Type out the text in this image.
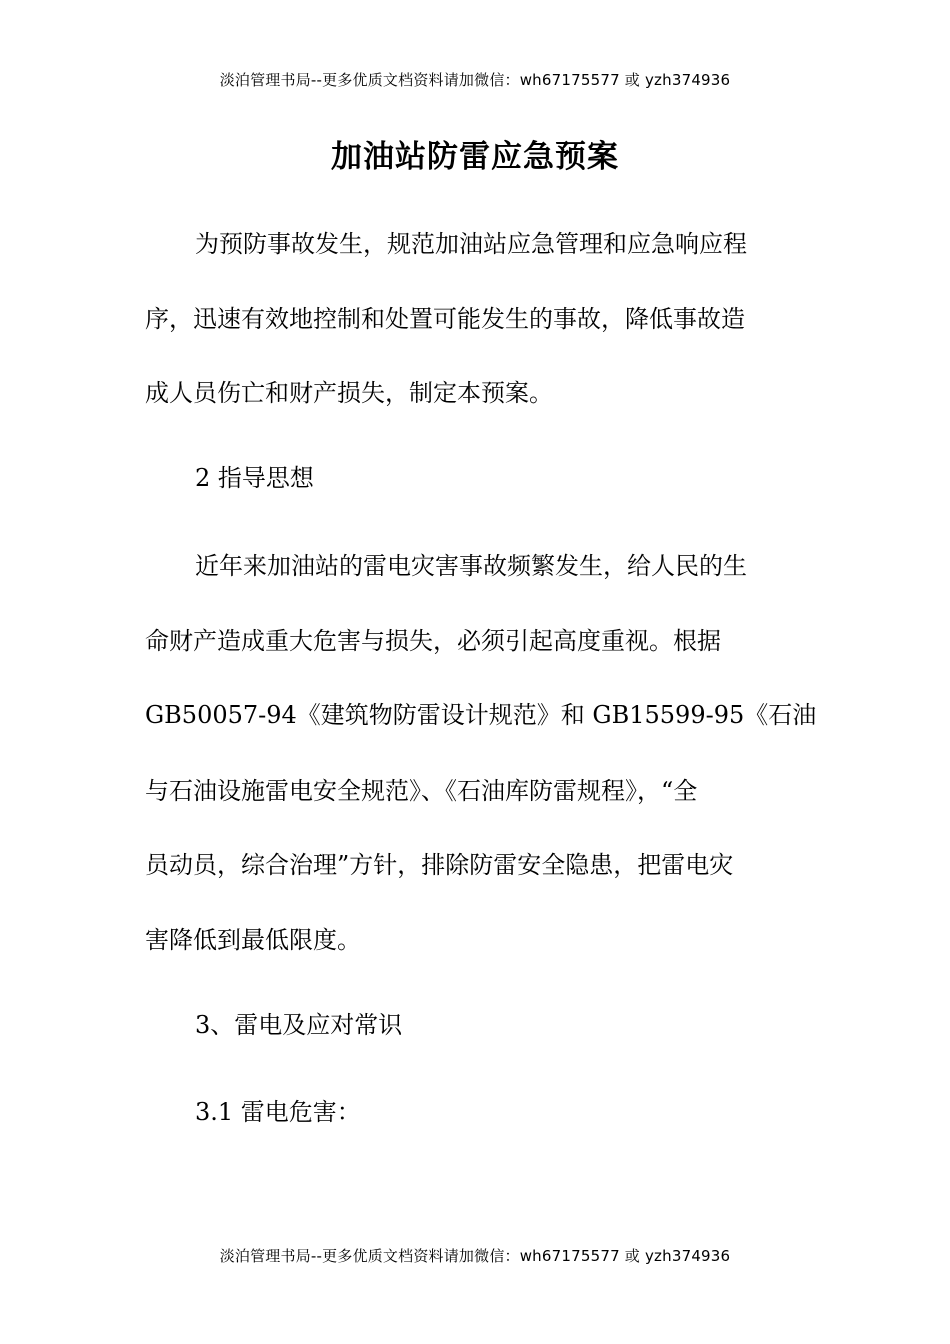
淡泊管理书局--更多优质文档资料请加微信：wh67175577 或 yzh374936
加油站防雷应急预案
为预防事故发生，规范加油站应急管理和应急响应程
序，迅速有效地控制和处置可能发生的事故，降低事故造
成人员伤亡和财产损失，制定本预案。
2 指导思想
近年来加油站的雷电灾害事故频繁发生，给人民的生
命财产造成重大危害与损失，必须引起高度重视。根据
GB50057-94《建筑物防雷设计规范》和 GB15599-95《石油
与石油设施雷电安全规范》、《石油库防雷规程》，“全
员动员，综合治理”方针，排除防雷安全隐患，把雷电灾
害降低到最低限度。
3、雷电及应对常识
3.1 雷电危害：
淡泊管理书局--更多优质文档资料请加微信：wh67175577 或 yzh374936
